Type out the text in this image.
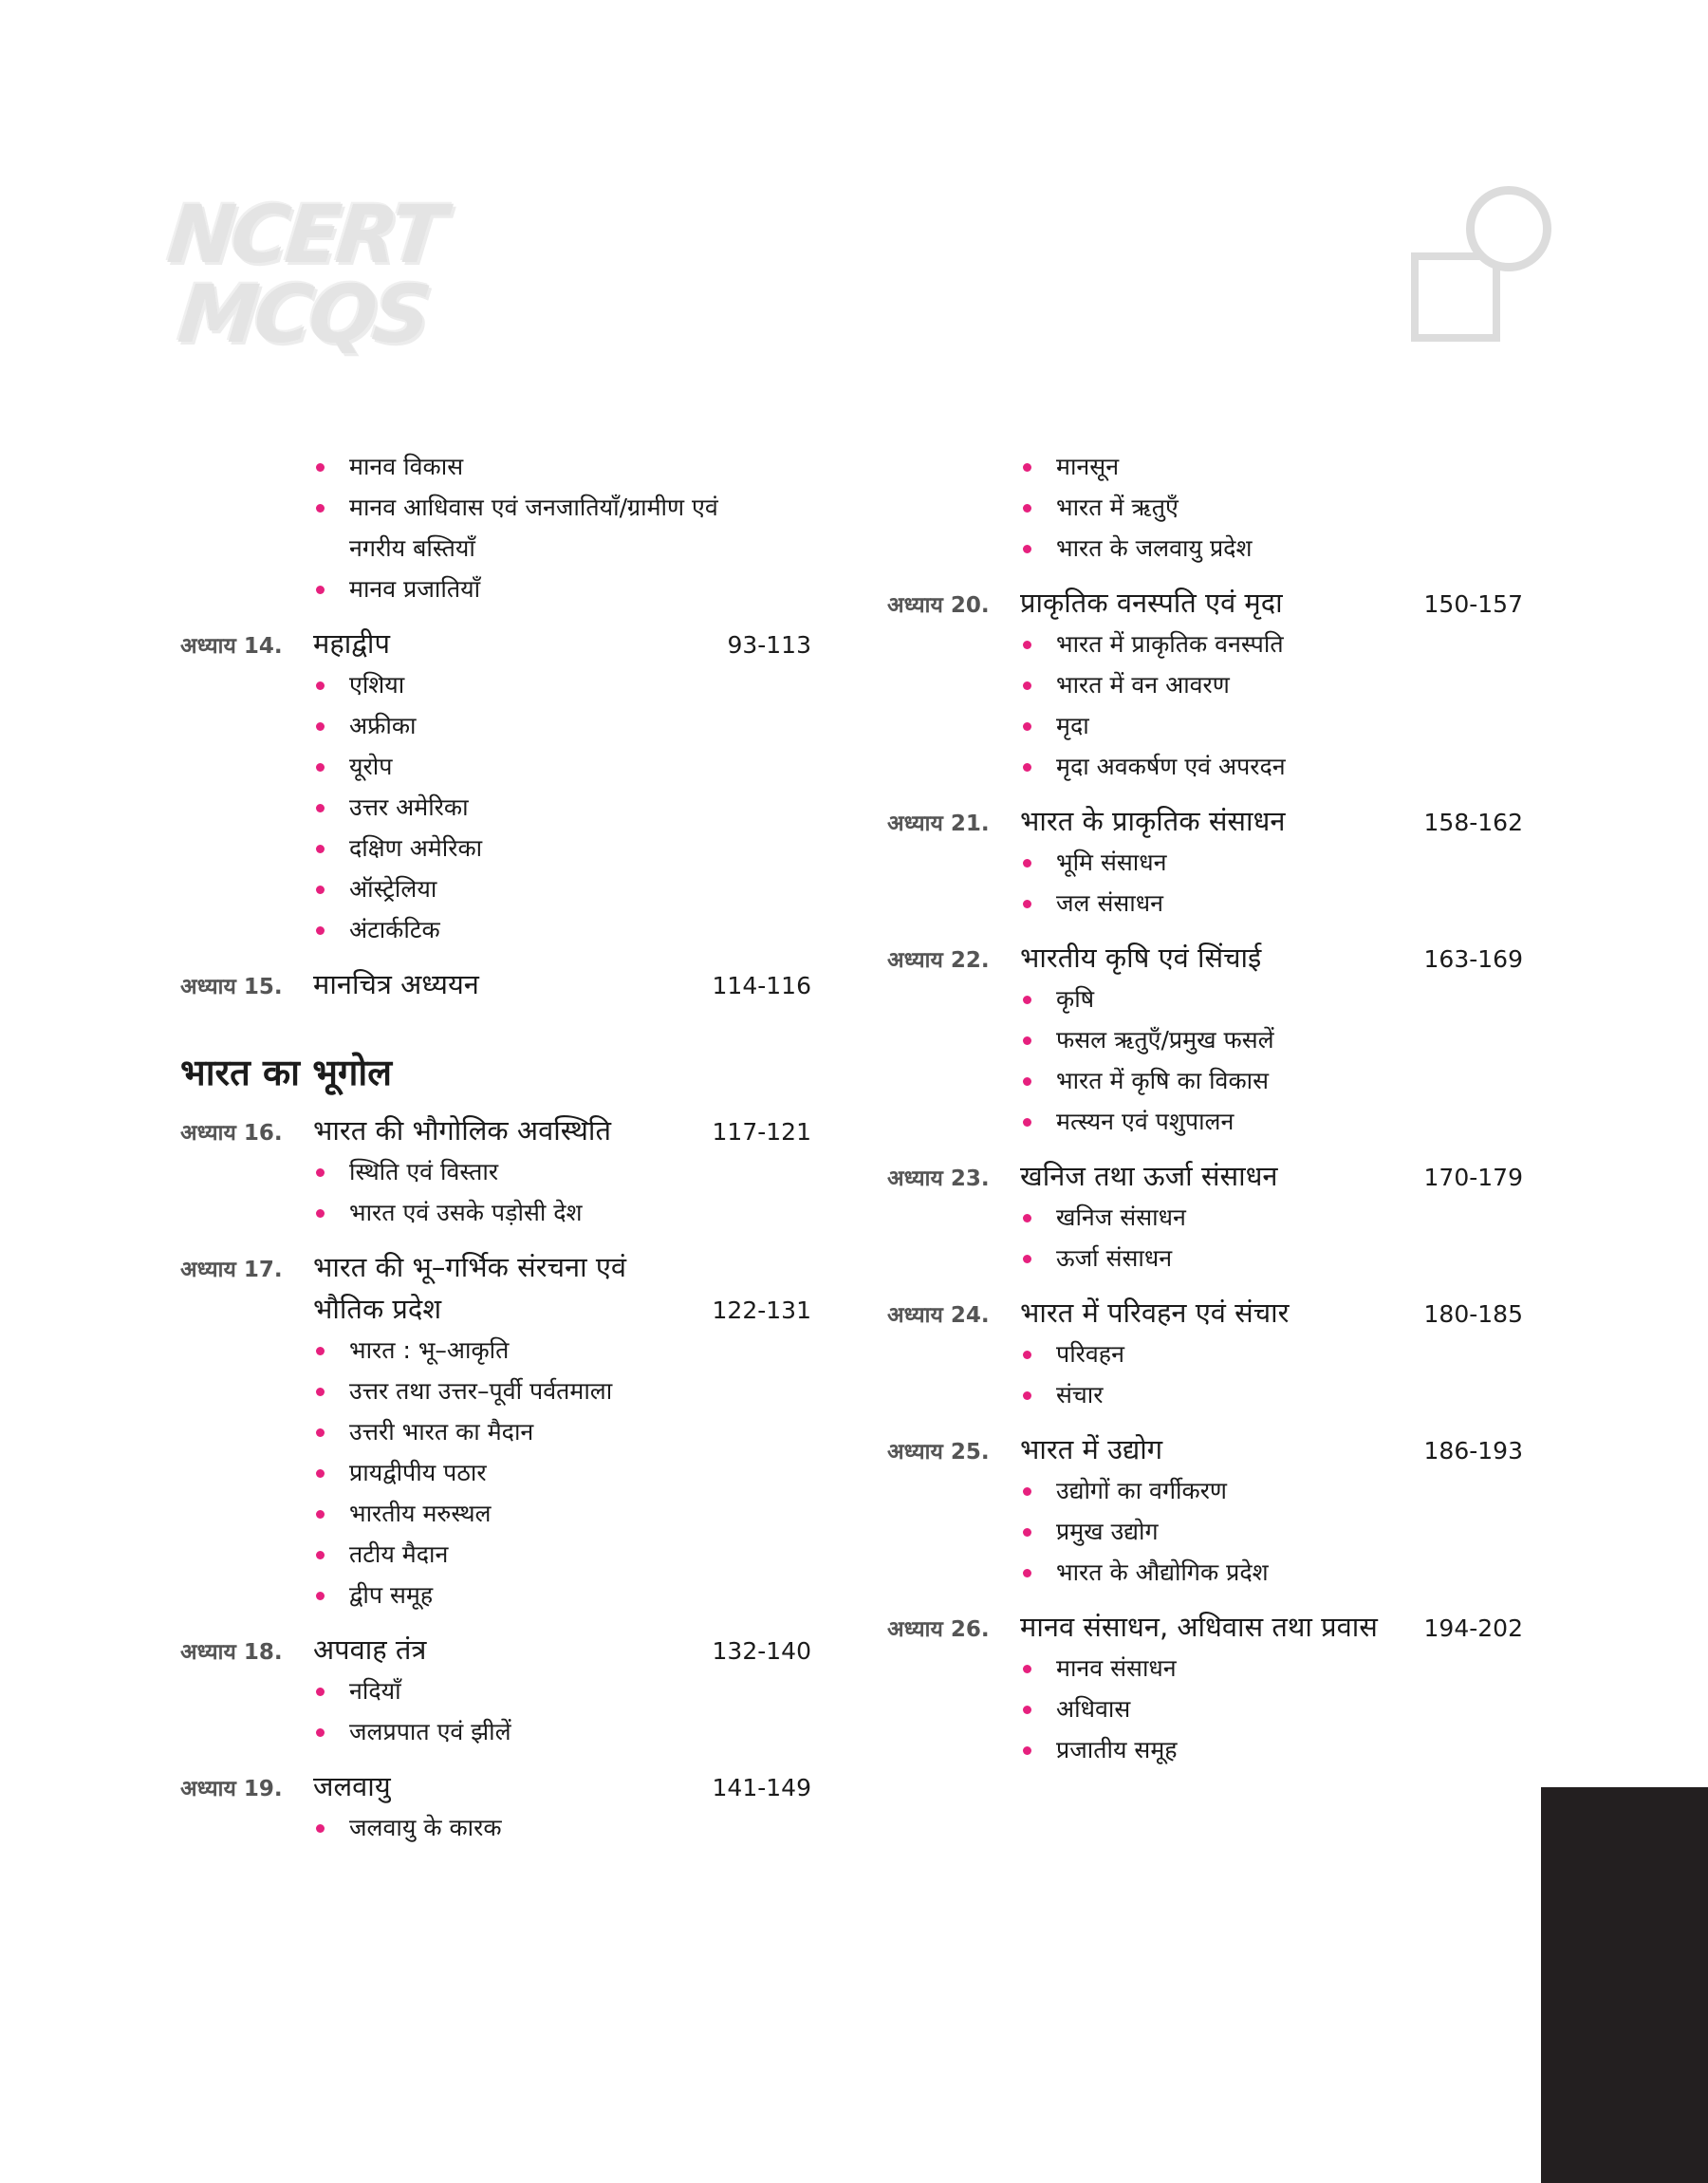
NCERT
MCQS
मानव विकास
मानव आधिवास एवं जनजातियाँ/ग्रामीण एवं नगरीय बस्तियाँ
मानव प्रजातियाँ
अध्याय 14.	महाद्वीप	93-113
एशिया
अफ्रीका
यूरोप
उत्तर अमेरिका
दक्षिण अमेरिका
ऑस्ट्रेलिया
अंटार्कटिक
अध्याय 15.	मानचित्र अध्ययन	114-116
भारत का भूगोल
अध्याय 16.	भारत की भौगोलिक अवस्थिति	117-121
स्थिति एवं विस्तार
भारत एवं उसके पड़ोसी देश
अध्याय 17.	भारत की भू–गर्भिक संरचना एवं
भौतिक प्रदेश	122-131
भारत : भू–आकृति
उत्तर तथा उत्तर–पूर्वी पर्वतमाला
उत्तरी भारत का मैदान
प्रायद्वीपीय पठार
भारतीय मरुस्थल
तटीय मैदान
द्वीप समूह
अध्याय 18.	अपवाह तंत्र	132-140
नदियाँ
जलप्रपात एवं झीलें
अध्याय 19.	जलवायु	141-149
जलवायु के कारक
मानसून
भारत में ऋतुएँ
भारत के जलवायु प्रदेश
अध्याय 20.	प्राकृतिक वनस्पति एवं मृदा	150-157
भारत में प्राकृतिक वनस्पति
भारत में वन आवरण
मृदा
मृदा अवकर्षण एवं अपरदन
अध्याय 21.	भारत के प्राकृतिक संसाधन	158-162
भूमि संसाधन
जल संसाधन
अध्याय 22.	भारतीय कृषि एवं सिंचाई	163-169
कृषि
फसल ऋतुएँ/प्रमुख फसलें
भारत में कृषि का विकास
मत्स्यन एवं पशुपालन
अध्याय 23.	खनिज तथा ऊर्जा संसाधन	170-179
खनिज संसाधन
ऊर्जा संसाधन
अध्याय 24.	भारत में परिवहन एवं संचार	180-185
परिवहन
संचार
अध्याय 25.	भारत में उद्योग	186-193
उद्योगों का वर्गीकरण
प्रमुख उद्योग
भारत के औद्योगिक प्रदेश
अध्याय 26.	मानव संसाधन, अधिवास तथा प्रवास	194-202
मानव संसाधन
अधिवास
प्रजातीय समूह
